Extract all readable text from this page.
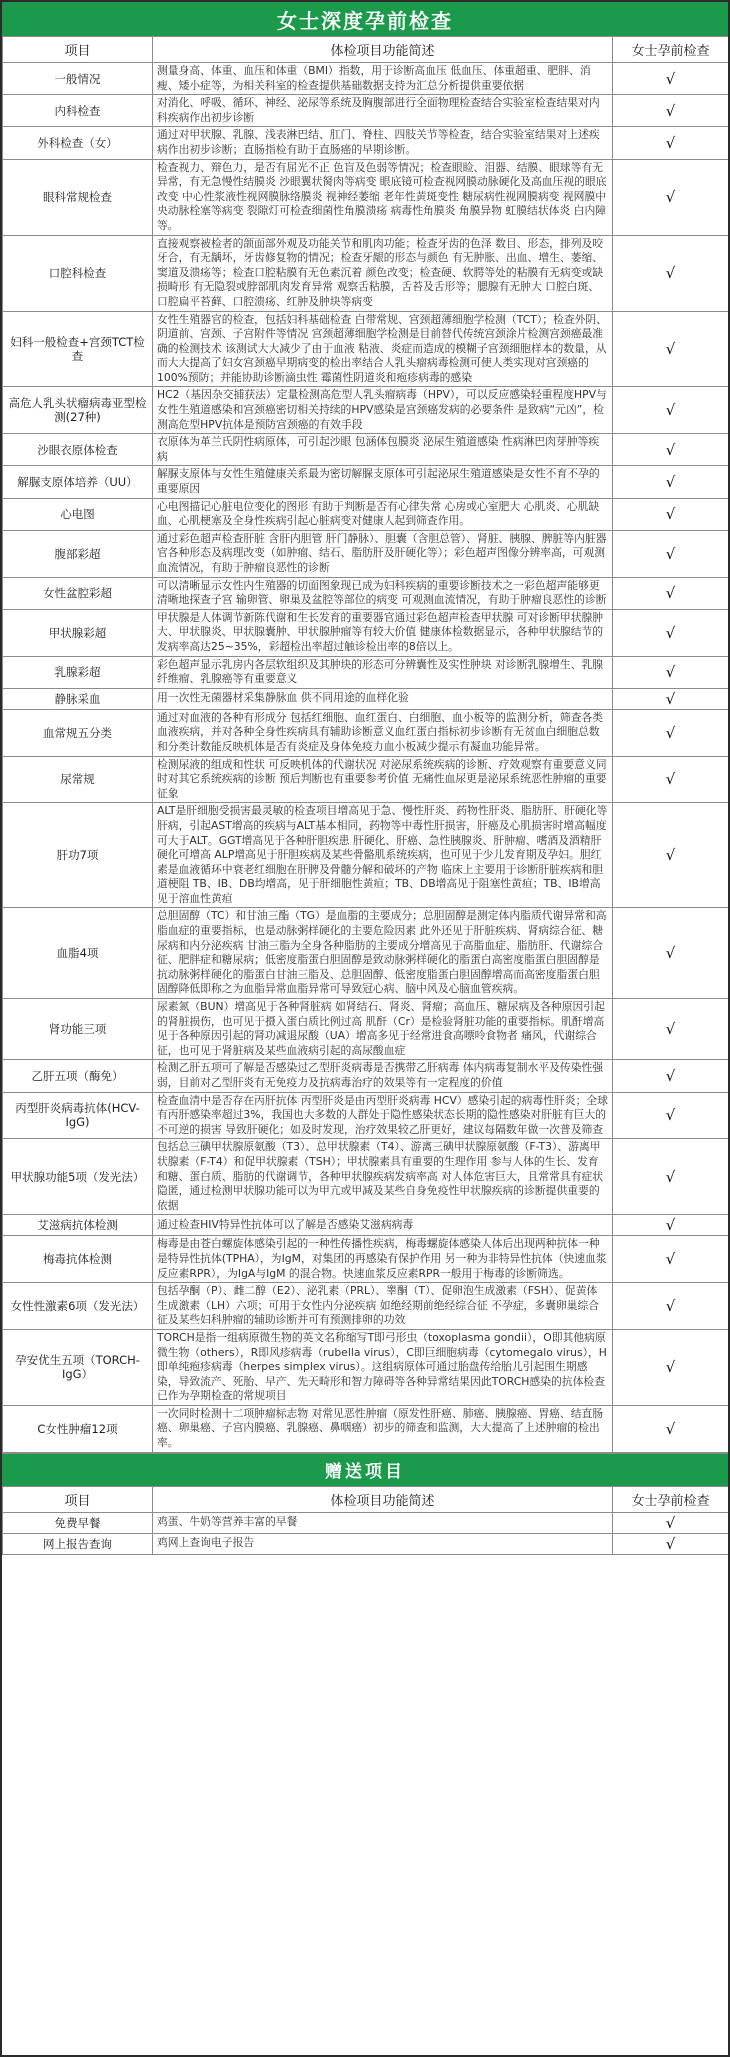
女士深度孕前检查
项目	体检项目功能简述	女士孕前检查
一般情况	测量身高、体重、血压和体重（BMI）指数，用于诊断高血压 低血压、体重超重、肥胖、消瘦、矮小症等，为相关科室的检查提供基础数据支持为汇总分析提供重要依据	√
内科检查	对消化、呼吸、循环、神经、泌尿等系统及胸腹部进行全面物理检查结合实验室检查结果对内科疾病作出初步诊断	√
外科检查（女）	通过对甲状腺、乳腺、浅表淋巴结、肛门、脊柱、四肢关节等检查，结合实验室结果对上述疾病作出初步诊断；直肠指检有助于直肠癌的早期诊断。	√
眼科常规检查	检查视力、辩色力，是否有屈光不正 色盲及色弱等情况；检查眼睑、泪器、结膜、眼球等有无异常，有无急慢性结膜炎 沙眼翼状胬肉等病变 眼底镜可检查视网膜动脉硬化及高血压视的眼底改变 中心性浆液性视网膜脉络膜炎 视神经萎缩 老年性黄斑变性 糖尿病性视网膜病变 视网膜中央动脉栓塞等病变 裂隙灯可检查细菌性角膜溃疡 病毒性角膜炎 角膜异物 虹膜结状体炎 白内障等。	√
口腔科检查	直接观察被检者的颌面部外观及功能关节和肌肉功能；检查牙齿的色泽 数目、形态，排列及咬牙合，有无龋坏，牙齿修复物的情况；检查牙龈的形态与颜色 有无肿胀、出血、增生、萎缩、窦道及溃疡等；检查口腔粘膜有无色素沉着 颜色改变；检查硬、软腭等处的粘膜有无病变或缺损畸形 有无隐裂或脖部肌肉发育异常 观察舌粘膜，舌苔及舌形等；腮腺有无肿大 口腔白斑、口腔扁平苔藓、口腔溃疡、红肿及肿块等病变	√
妇科一般检查+宫颈TCT检查	女性生殖器官的检查，包括妇科基础检查 白带常规、宫颈超薄细胞学检测（TCT）；检查外阴、阴道前、宫颈、子宫附件等情况 宫颈超薄细胞学检测是目前替代传统宫颈涂片检测宫颈癌最准确的检测技术 该测试大大减少了由于血液 粘液、炎症而造成的模糊子宫颈细胞样本的数量，从而大大提高了妇女宫颈癌早期病变的检出率结合人乳头瘤病毒检测可使人类实现对宫颈癌的100%预防；并能协助诊断滴虫性 霉菌性阴道炎和疱疹病毒的感染	√
高危人乳头状瘤病毒亚型检测(27种)	HC2（基因杂交捕获法）定量检测高危型人乳头瘤病毒（HPV），可以反应感染轻重程度HPV与女性生殖道感染和宫颈癌密切相关持续的HPV感染是宫颈癌发病的必要条件 是致病“元凶”，检测高危型HPV抗体是预防宫颈癌的有效手段	√
沙眼衣原体检查	衣原体为革兰氏阴性病原体，可引起沙眼 包涵体包膜炎 泌尿生殖道感染 性病淋巴肉芽肿等疾病	√
解脲支原体培养（UU）	解脲支原体与女性生殖健康关系最为密切解脲支原体可引起泌尿生殖道感染是女性不育不孕的重要原因	√
心电图	心电图描记心脏电位变化的图形 有助于判断是否有心律失常 心房或心室肥大 心肌炎、心肌缺血、心肌梗塞及全身性疾病引起心脏病变对健康人起到筛查作用。	√
腹部彩超	通过彩色超声检查肝脏 含肝内胆管 肝门静脉）、胆囊（含胆总管）、肾脏、胰腺、脾脏等内脏器官各种形态及病理改变（如肿瘤、结石、脂肪肝及肝硬化等）；彩色超声图像分辨率高，可观测血流情况，有助于肿瘤良恶性的诊断	√
女性盆腔彩超	可以清晰显示女性内生殖器的切面图象现已成为妇科疾病的重要诊断技术之一彩色超声能够更清晰地探查子宫 输卵管、卵巢及盆腔等部位的病变 可观测血流情况，有助于肿瘤良恶性的诊断	√
甲状腺彩超	甲状腺是人体调节新陈代谢和生长发育的重要器官通过彩色超声检查甲状腺 可对诊断甲状腺肿大、甲状腺炎、甲状腺囊肿、甲状腺肿瘤等有较大价值 健康体检数据显示，各种甲状腺结节的发病率高达25~35%，彩超检出率超过触诊检出率的8倍以上。	√
乳腺彩超	彩色超声显示乳房内各层软组织及其肿块的形态可分辨囊性及实性肿块 对诊断乳腺增生、乳腺纤维瘤、乳腺癌等有重要意义	√
静脉采血	用一次性无菌器材采集静脉血 供不同用途的血样化验	√
血常规五分类	通过对血液的各种有形成分 包括红细胞、血红蛋白、白细胞、血小板等的监测分析，筛查各类血液疾病，并对各种全身性疾病具有辅助诊断意义血红蛋白指标初步诊断有无贫血白细胞总数和分类计数能反映机体是否有炎症及身体免疫力血小板减少提示有凝血功能异常。	√
尿常规	检测尿液的组成和性状 可反映机体的代谢状况 对泌尿系统疾病的诊断、疗效观察有重要意义同时对其它系统疾病的诊断 预后判断也有重要参考价值 无痛性血尿更是泌尿系统恶性肿瘤的重要征象	√
肝功7项	ALT是肝细胞受损害最灵敏的检查项目增高见于急、慢性肝炎、药物性肝炎、脂肪肝、肝硬化等肝病，引起AST增高的疾病与ALT基本相同，药物等中毒性肝损害，肝癌及心肌损害时增高幅度可大于ALT。GGT增高见于各种肝胆疾患 肝硬化、肝癌、急性胰腺炎、肝肿瘤、嗜酒及酒精肝硬化可增高 ALP增高见于肝胆疾病及某些骨骼肌系统疾病，也可见于少儿发育期及孕妇。胆红素是血液循环中衰老红细胞在肝脾及骨髓分解和破坏的产物 临床上主要用于诊断肝脏疾病和胆道梗阻 TB、IB、DB均增高，见于肝细胞性黄疸；TB、DB增高见于阻塞性黄疸；TB、IB增高见于溶血性黄疸	√
血脂4项	总胆固醇（TC）和甘油三酯（TG）是血脂的主要成分；总胆固醇是测定体内脂质代谢异常和高脂血症的重要指标，也是动脉粥样硬化的主要危险因素 此外还见于肝脏疾病、肾病综合征、糖尿病和内分泌疾病 甘油三脂为全身各种脂肪的主要成分增高见于高脂血症、脂肪肝、代谢综合征、肥胖症和糖尿病；低密度脂蛋白胆固醇是致动脉粥样硬化的脂蛋白高密度脂蛋白胆固醇是抗动脉粥样硬化的脂蛋白甘油三脂及、总胆固醇、低密度脂蛋白胆固醇增高而高密度脂蛋白胆固醇降低即称之为血脂异常血脂异常可导致冠心病、脑中风及心脑血管疾病。	√
肾功能三项	尿素氮（BUN）增高见于各种肾脏病 如肾结石、肾炎、肾瘤；高血压、糖尿病及各种原因引起的肾脏损伤，也可见于摄入蛋白质比例过高 肌酐（Cr）是检验肾脏功能的重要指标。肌酐增高见于各种原因引起的肾功减退尿酸（UA）增高多见于经常进食高嘌呤食物者 痛风，代谢综合征，也可见于肾脏病及某些血液病引起的高尿酸血症	√
乙肝五项（酶免）	检测乙肝五项可了解是否感染过乙型肝炎病毒是否携带乙肝病毒 体内病毒复制水平及传染性强弱，目前对乙型肝炎有无免疫力及抗病毒治疗的效果等有一定程度的价值	√
丙型肝炎病毒抗体(HCV-IgG)	检查血清中是否存在丙肝抗体 丙型肝炎是由丙型肝炎病毒 HCV）感染引起的病毒性肝炎；全球有丙肝感染率超过3%，我国也大多数的人群处于隐性感染状态长期的隐性感染对肝脏有巨大的不可逆的损害 导致肝硬化；如及时发现，治疗效果较乙肝更好，建议每隔数年做一次普及筛查	√
甲状腺功能5项（发光法）	包括总三碘甲状腺原氨酸（T3）、总甲状腺素（T4）、游离三碘甲状腺原氨酸（F-T3）、游离甲状腺素（F-T4）和促甲状腺素（TSH）；甲状腺素具有重要的生理作用 参与人体的生长、发育和糖、蛋白质、脂肪的代谢调节，各种甲状腺疾病发病率高 对人体危害巨大，且常常具有症状隐匿，通过检测甲状腺功能可以为甲亢或甲减及某些自身免疫性甲状腺疾病的诊断提供重要的依据	√
艾滋病抗体检测	通过检查HIV特异性抗体可以了解是否感染艾滋病病毒	√
梅毒抗体检测	梅毒是由苍白螺旋体感染引起的一种性传播性疾病，梅毒螺旋体感染人体后出现两种抗体一种是特异性抗体(TPHA），为IgM，对集团的再感染有保护作用 另一种为非特异性抗体（快速血浆反应素RPR），为IgA与IgM 的混合物。快速血浆反应素RPR一般用于梅毒的诊断筛选。	√
女性性激素6项（发光法）	包括孕酮（P）、雌二醇（E2）、泌乳素（PRL）、睾酮（T）、促卵泡生成激素（FSH）、促黄体生成激素（LH）六项；可用于女性内分泌疾病 如绝经期前绝经综合征 不孕症，多囊卵巢综合征及某些妇科肿瘤的辅助诊断并可有预测排卵的功效	√
孕安优生五项（TORCH-IgG）	TORCH是指一组病原微生物的英文名称缩写T即弓形虫（toxoplasma gondii），O即其他病原微生物（others），R即风疹病毒（rubella virus），C即巨细胞病毒（cytomegalo virus），H即单纯疱疹病毒（herpes simplex virus）。这组病原体可通过胎盘传给胎儿引起围生期感染，导致流产、死胎、早产、先天畸形和智力障碍等各种异常结果因此TORCH感染的抗体检查已作为孕期检查的常规项目	√
C女性肿瘤12项	一次同时检测十二项肿瘤标志物 对常见恶性肿瘤（原发性肝癌、肺癌、胰腺癌、胃癌、结直肠癌、卵巢癌、子宫内膜癌、乳腺癌、鼻咽癌）初步的筛查和监测，大大提高了上述肿瘤的检出率。	√
赠送项目
项目	体检项目功能简述	女士孕前检查
免费早餐	鸡蛋、牛奶等营养丰富的早餐	√
网上报告查询	鸡网上查询电子报告	√
